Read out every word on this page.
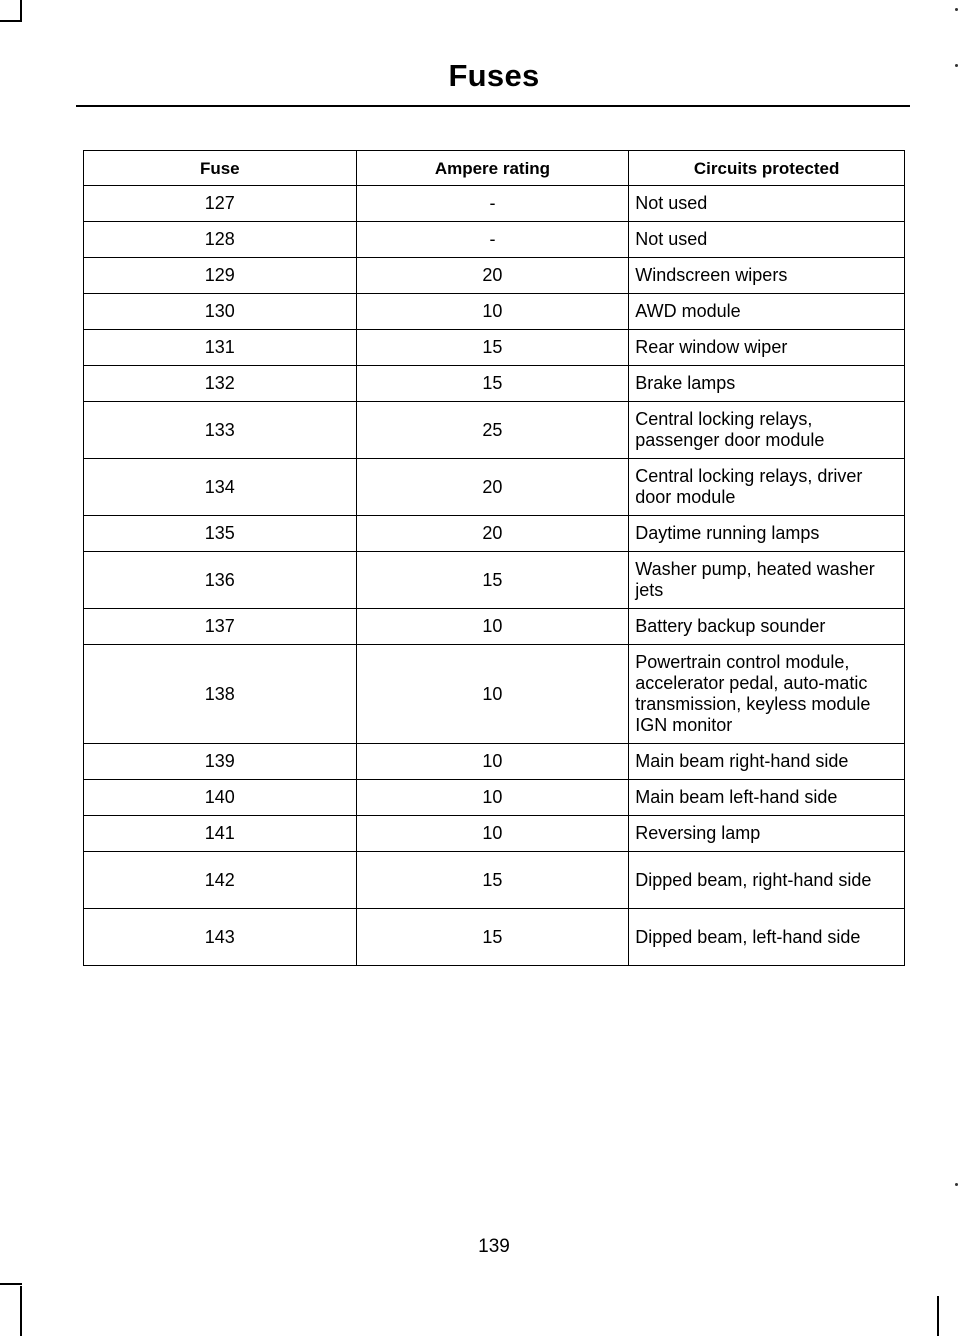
Fuses
Fuse	Ampere rating	Circuits protected
127	-	Not used
128	-	Not used
129	20	Windscreen wipers
130	10	AWD module
131	15	Rear window wiper
132	15	Brake lamps
133	25	Central locking relays, passenger door module
134	20	Central locking relays, driver door module
135	20	Daytime running lamps
136	15	Washer pump, heated washer jets
137	10	Battery backup sounder
138	10	Powertrain control module, accelerator pedal, auto-matic transmission, keyless module IGN monitor
139	10	Main beam right-hand side
140	10	Main beam left-hand side
141	10	Reversing lamp
142	15	Dipped beam, right-hand side
143	15	Dipped beam, left-hand side
139
